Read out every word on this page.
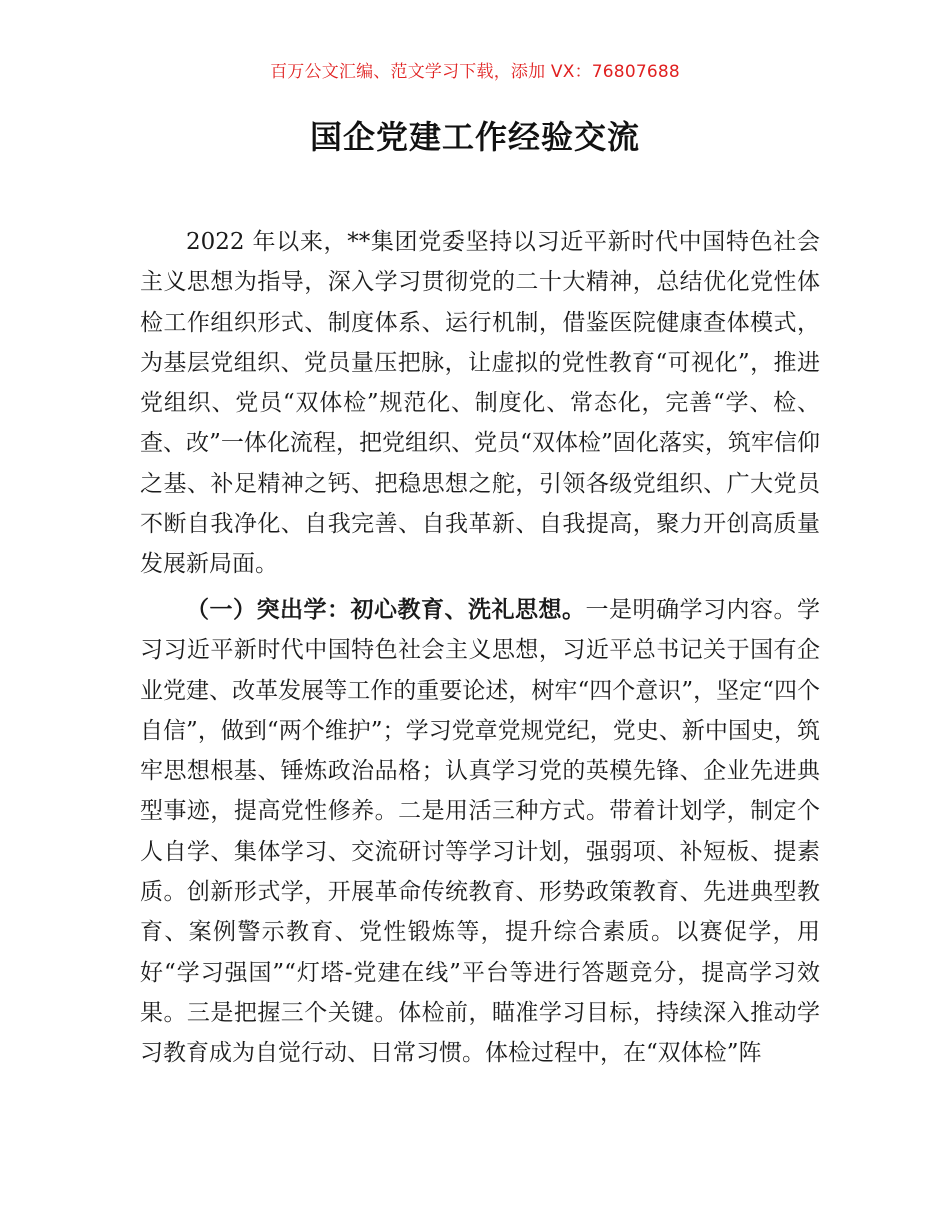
百万公文汇编、范文学习下载，添加 VX：76807688
国企党建工作经验交流

2022 年以来，**集团党委坚持以习近平新时代中国特色社会主义思想为指导，深入学习贯彻党的二十大精神，总结优化党性体检工作组织形式、制度体系、运行机制，借鉴医院健康查体模式，为基层党组织、党员量压把脉，让虚拟的党性教育“可视化”，推进党组织、党员“双体检”规范化、制度化、常态化，完善“学、检、查、改”一体化流程，把党组织、党员“双体检”固化落实，筑牢信仰之基、补足精神之钙、把稳思想之舵，引领各级党组织、广大党员不断自我净化、自我完善、自我革新、自我提高，聚力开创高质量发展新局面。

（一）突出学：初心教育、洗礼思想。一是明确学习内容。学习习近平新时代中国特色社会主义思想，习近平总书记关于国有企业党建、改革发展等工作的重要论述，树牢“四个意识”，坚定“四个自信”，做到“两个维护”；学习党章党规党纪，党史、新中国史，筑牢思想根基、锤炼政治品格；认真学习党的英模先锋、企业先进典型事迹，提高党性修养。二是用活三种方式。带着计划学，制定个人自学、集体学习、交流研讨等学习计划，强弱项、补短板、提素质。创新形式学，开展革命传统教育、形势政策教育、先进典型教育、案例警示教育、党性锻炼等，提升综合素质。以赛促学，用好“学习强国”“灯塔-党建在线”平台等进行答题竞分，提高学习效果。三是把握三个关键。体检前，瞄准学习目标，持续深入推动学习教育成为自觉行动、日常习惯。体检过程中，在“双体检”阵
